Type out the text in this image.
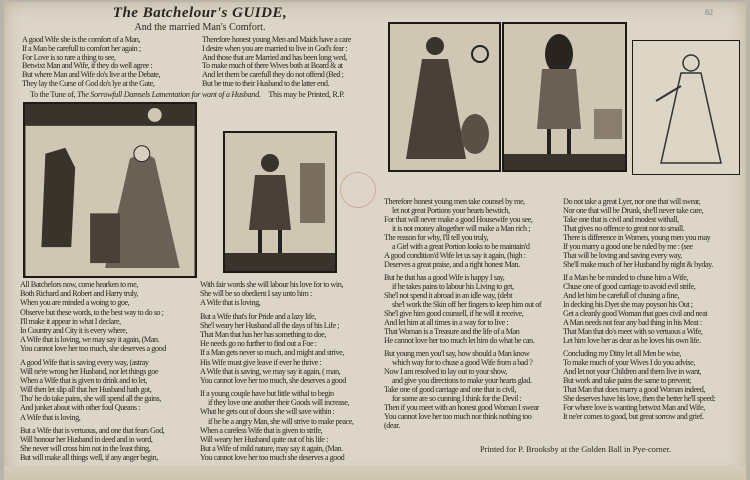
82
The Batchelour's GUIDE,
And the married Man's Comfort.
A good Wife she is the comfort of a Man,
If a Man be carefull to comfort her again ;
For Love is so rare a thing to see,
Betwixt Man and Wife, if they do well agree :
But where Man and Wife do's live at the Debate,
They lay the Curse of God do's lye at the Gate,
Therefore honest young Men and Maids have a care
I desire when you are married to live in God's fear :
And those that are Married and has been long wed,
To make much of there Wives both at Board & at
And let them be carefull they do not offend (Bed ;
But be true to their Husband to the latter end.
To the Tune of, The Sorrowfull Damsels Lamentation for want of a Husband. This may be Printed, R.P.
All Batchelors now, come hearken to me,
Both Richard and Robert and Harry truly,
When you are minded a woing to goe,
Observe but these words, to the best way to do so ;
I'll make it appear in what I declare,
In Country and City it is every where,
A Wife that is loving, we may say it again, (Man.
You cannot love her too much, she deserves a good
A good Wife that is saving every way, (astray
Will ne're wrong her Husband, nor let things goe
When a Wife that is given to drink and to let,
Will then let slip all that her Husband hath got,
Tho' he do take pains, she will spend all the gains,
And junket about with other foul Queans :
A Wife that is loving,
But a Wife that is vertuous, and one that fears God,
Will honour her Husband in deed and in word,
She never will cross him not in the least thing,
But will make all things well, if any anger begin,
With fair words she will labour his love for to win,
She will be so obedient I say unto him :
A Wife that is loving,
But a Wife that's for Pride and a lazy life,
She'l weary her Husband all the days of his Life ;
That Man that has her has something to doe,
He needs go no further to find out a Foe :
If a Man gets never so much, and might and strive,
His Wife must give leave if ever he thrive :
A Wife that is saving, we may say it again, ( man,
You cannot love her too much, she deserves a good
If a young couple have but little withal to begin
if they love one another their Goods will increase,
What he gets out of doors she will save within :
if he be a angry Man, she will strive to make peace,
When a careless Wife that is given to strife,
Will weary her Husband quite out of his life :
But a Wife of mild nature, may say it again, (Man.
You cannot love her too much she deserves a good
Therefore honest young men take counsel by me,
let not great Portions your hearts bewitch,
For that will never make a good Housewife you see,
it is not money altogether will make a Man rich ;
The reason for why, I'll tell you truly,
a Girl with a great Portion looks to be maintain'd
A good condition'd Wife let us say it again, (high :
Deserves a great praise, and a right honest Man.
But he that has a good Wife is happy I say,
if he takes pains to labour his Living to get,
She'l not spend it abroad in an idle way, (debt
she'l work the Skin off her fingers to keep him out of
She'l give him good counsell, if he will it receive,
And let him at all times in a way for to live :
That Woman is a Treasure and the life of a Man
He cannot love her too much let him do what he can.
But young men you'l say, how should a Man know
which way for to chuse a good Wife from a bad ?
Now I am resolved to lay out to your show,
and give you directions to make your hearts glad.
Take one of good carriage and one that is civil,
for some are so cunning I think for the Devil :
Then if you meet with an honest good Woman I swear
You cannot love her too much nor think nothing too
(dear.
Do not take a great Lyer, nor one that will swear,
Nor one that will be Drunk, she'll never take care,
Take one that is civil and modest withall,
That gives no offence to great nor to small.
There is difference in Women, young men you may
If you marry a good one be ruled by me : (see
That will be loving and saving every way,
She'll make much of her Husband by night & byday.
If a Man he be minded to chuse him a Wife,
Chuse one of good carriage to avoid evil strife,
And let him be carefull of chusing a fine,
In decking his Dyet she may poyson his Out ;
Get a cleanly good Woman that goes civil and neat
A Man needs not fear any bad thing in his Meat :
That Man that do's meet with so vertuous a Wife,
Let him love her as dear as he loves his own life.
Concluding my Ditty let all Men be wise,
To make much of your Wives I do you advise,
And let not your Children and them live in want,
But work and take pains the same to prevent;
That Man that does marry a good Woman indeed,
She deserves have his love, then the better he'll speed:
For where love is wanting betwixt Man and Wife,
It ne'er comes to good, but great sorrow and grief.
Printed for P. Brooksby at the Golden Ball in Pye-corner.
